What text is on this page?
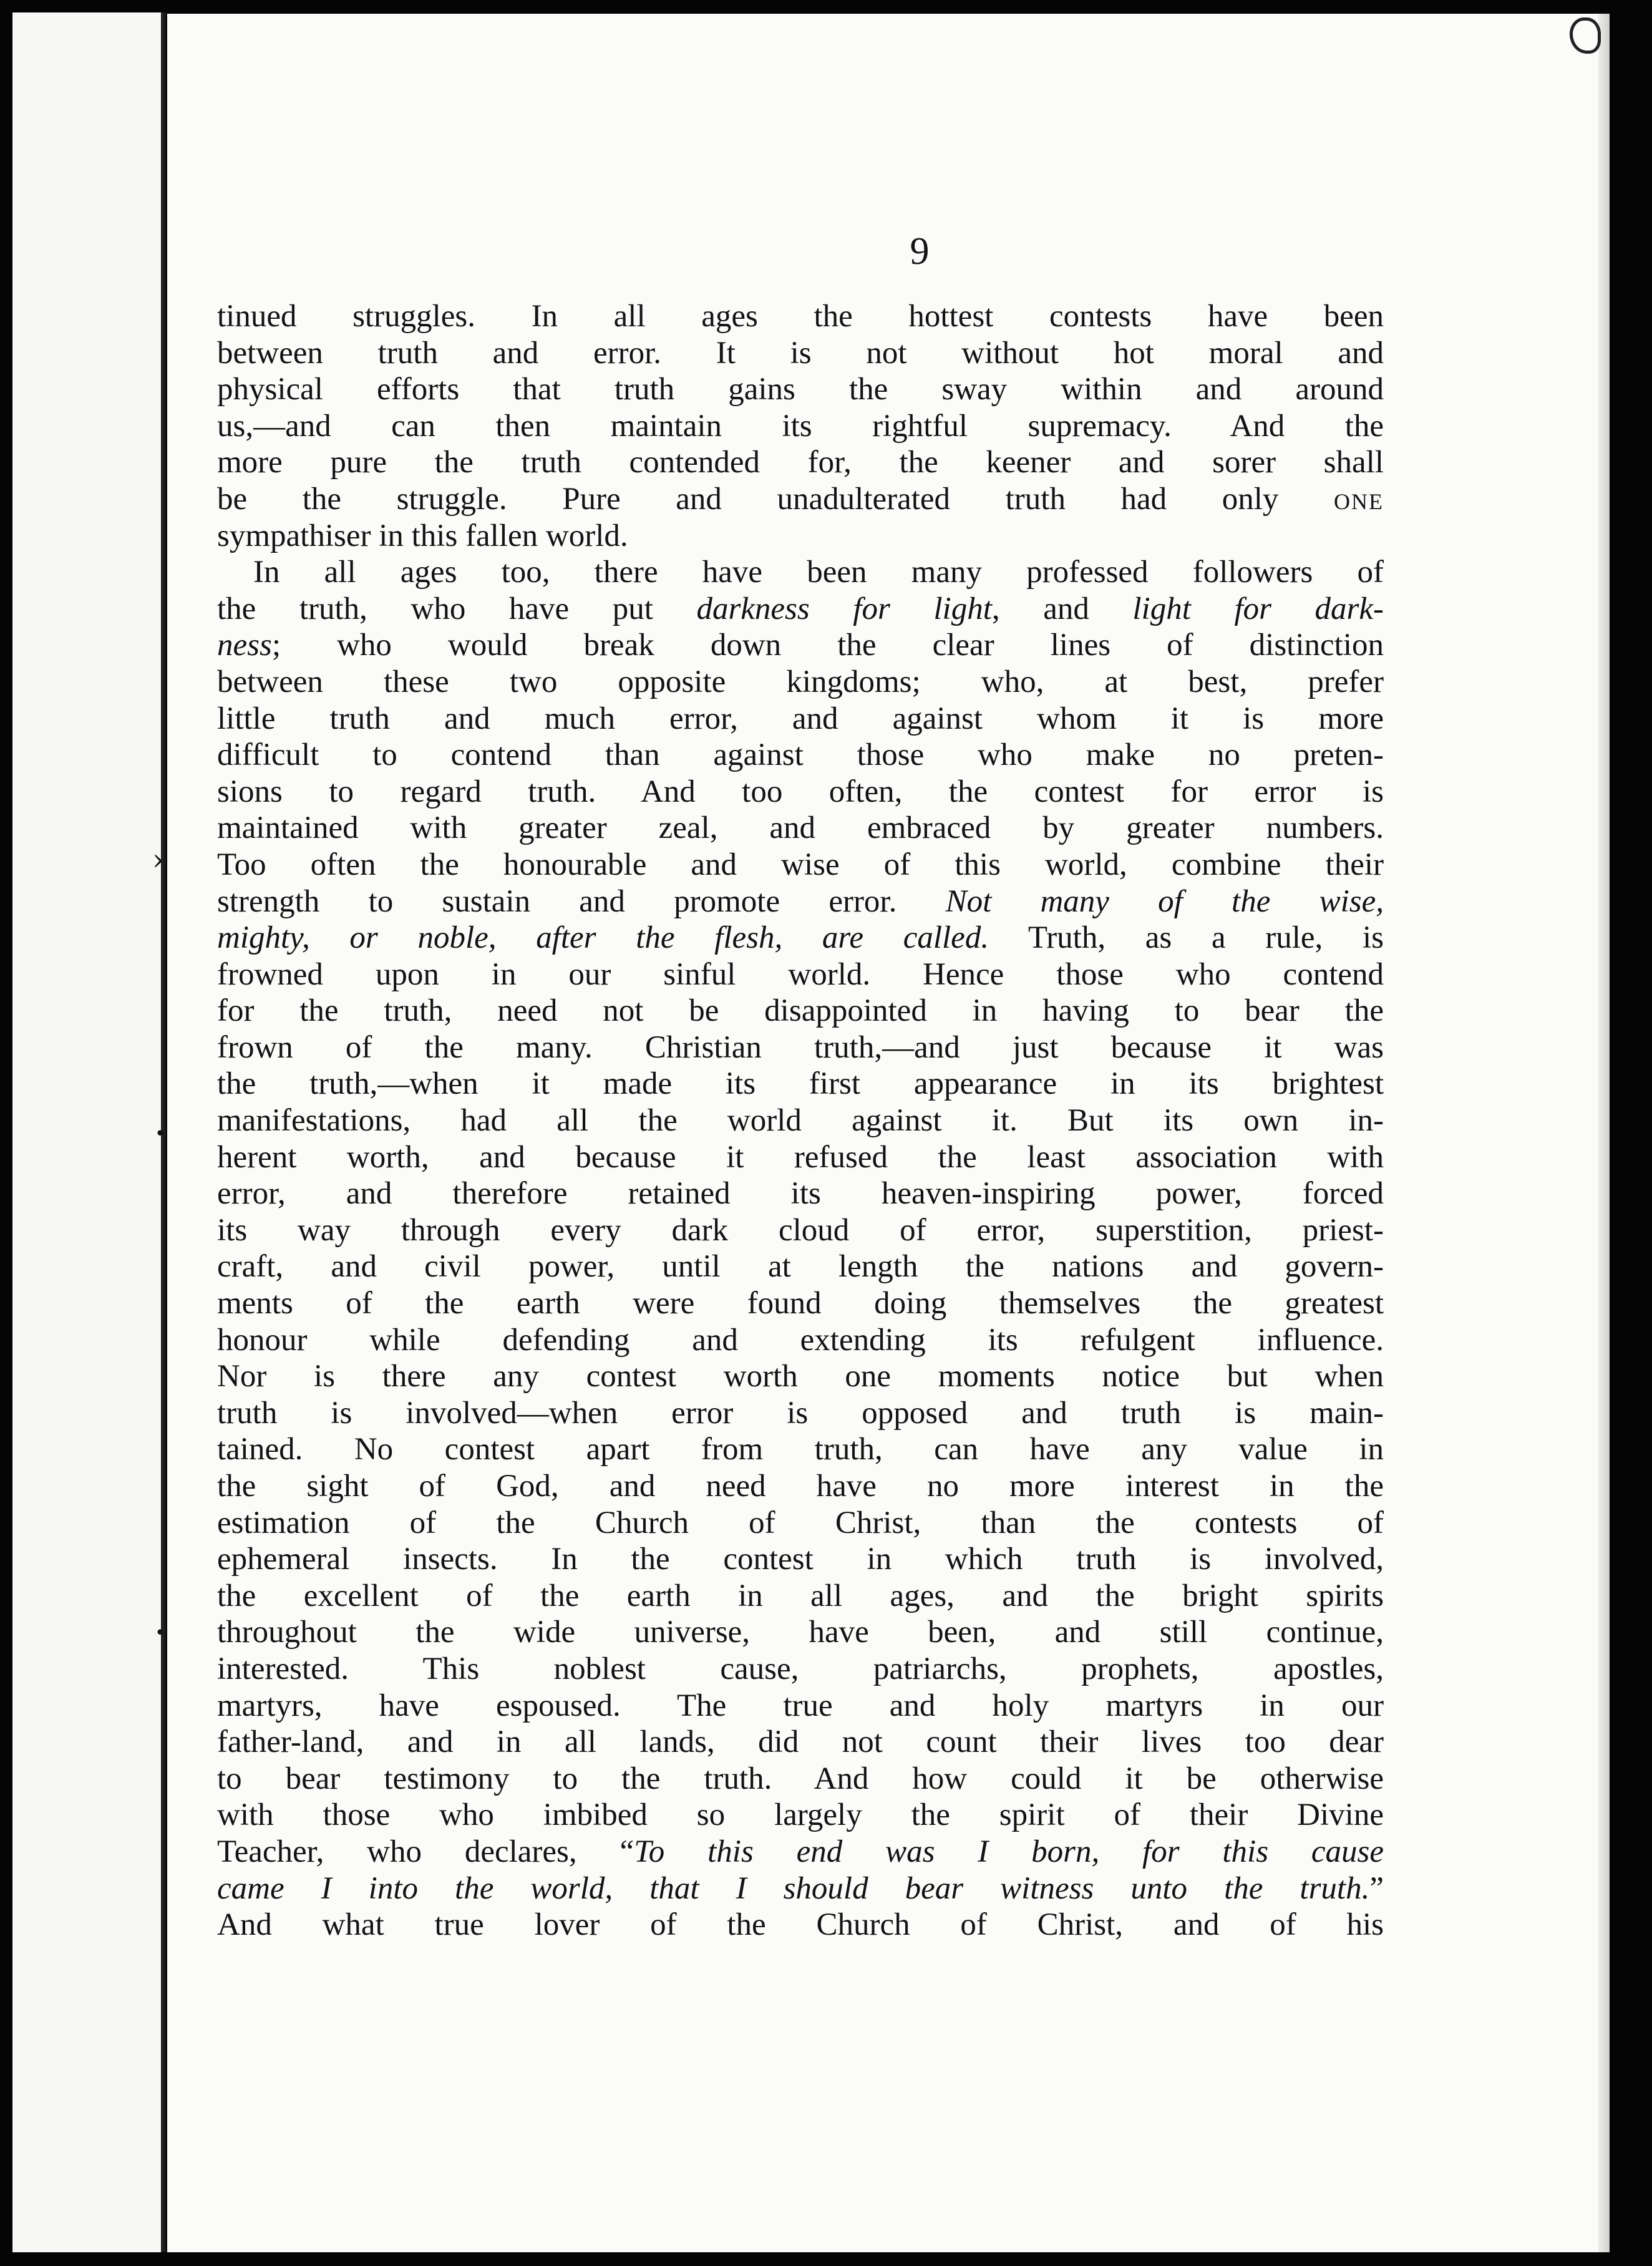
›
•
•
9
tinued struggles. In all ages the hottest contests have been
between truth and error. It is not without hot moral and
physical efforts that truth gains the sway within and around
us,—and can then maintain its rightful supremacy. And the
more pure the truth contended for, the keener and sorer shall
be the struggle. Pure and unadulterated truth had only one
sympathiser in this fallen world.
In all ages too, there have been many professed followers of
the truth, who have put darkness for light, and light for dark-
ness; who would break down the clear lines of distinction
between these two opposite kingdoms; who, at best, prefer
little truth and much error, and against whom it is more
difficult to contend than against those who make no preten-
sions to regard truth. And too often, the contest for error is
maintained with greater zeal, and embraced by greater numbers.
Too often the honourable and wise of this world, combine their
strength to sustain and promote error. Not many of the wise,
mighty, or noble, after the flesh, are called. Truth, as a rule, is
frowned upon in our sinful world. Hence those who contend
for the truth, need not be disappointed in having to bear the
frown of the many. Christian truth,—and just because it was
the truth,—when it made its first appearance in its brightest
manifestations, had all the world against it. But its own in-
herent worth, and because it refused the least association with
error, and therefore retained its heaven-inspiring power, forced
its way through every dark cloud of error, superstition, priest-
craft, and civil power, until at length the nations and govern-
ments of the earth were found doing themselves the greatest
honour while defending and extending its refulgent influence.
Nor is there any contest worth one moments notice but when
truth is involved—when error is opposed and truth is main-
tained. No contest apart from truth, can have any value in
the sight of God, and need have no more interest in the
estimation of the Church of Christ, than the contests of
ephemeral insects. In the contest in which truth is involved,
the excellent of the earth in all ages, and the bright spirits
throughout the wide universe, have been, and still continue,
interested. This noblest cause, patriarchs, prophets, apostles,
martyrs, have espoused. The true and holy martyrs in our
father-land, and in all lands, did not count their lives too dear
to bear testimony to the truth. And how could it be otherwise
with those who imbibed so largely the spirit of their Divine
Teacher, who declares, “To this end was I born, for this cause
came I into the world, that I should bear witness unto the truth.”
And what true lover of the Church of Christ, and of his
